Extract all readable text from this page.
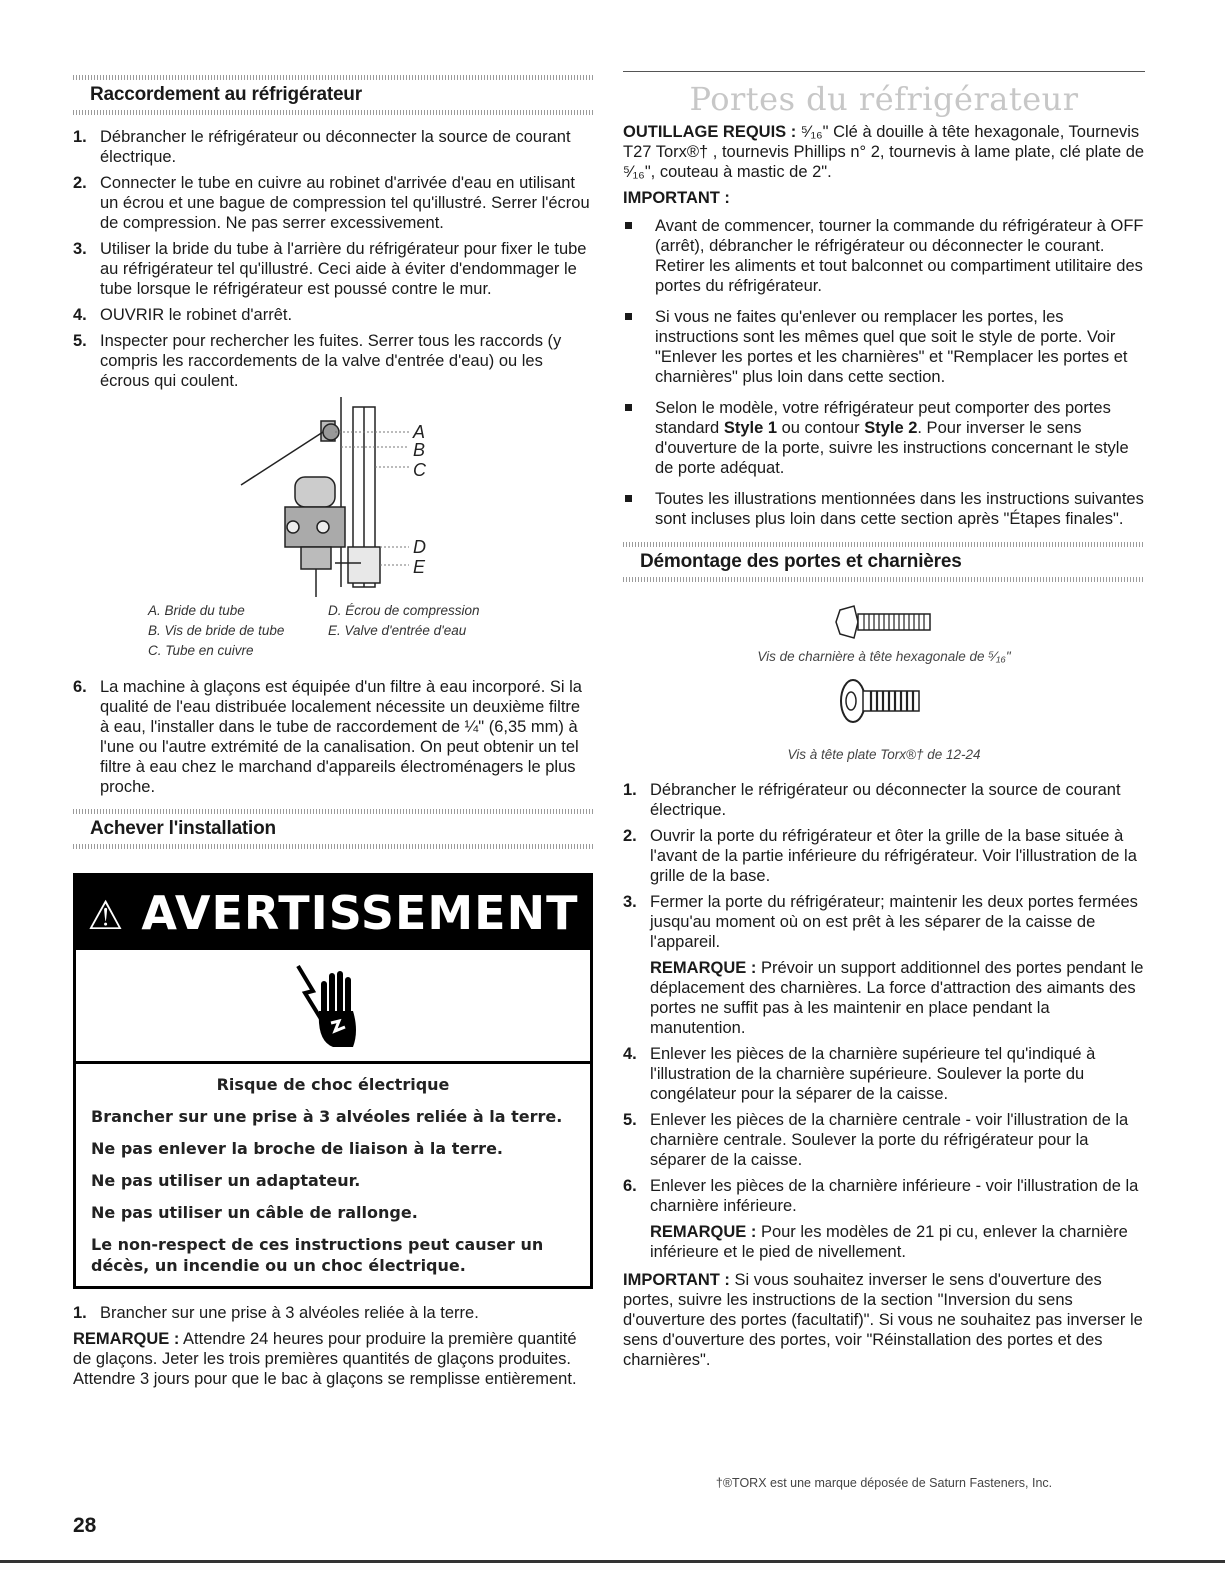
Raccordement au réfrigérateur
1. Débrancher le réfrigérateur ou déconnecter la source de courant électrique.
2. Connecter le tube en cuivre au robinet d'arrivée d'eau en utilisant un écrou et une bague de compression tel qu'illustré. Serrer l'écrou de compression. Ne pas serrer excessivement.
3. Utiliser la bride du tube à l'arrière du réfrigérateur pour fixer le tube au réfrigérateur tel qu'illustré. Ceci aide à éviter d'endommager le tube lorsque le réfrigérateur est poussé contre le mur.
4. OUVRIR le robinet d'arrêt.
5. Inspecter pour rechercher les fuites. Serrer tous les raccords (y compris les raccordements de la valve d'entrée d'eau) ou les écrous qui coulent.
A
B
C
D
E
A. Bride du tube
B. Vis de bride de tube
C. Tube en cuivre
D. Écrou de compression
E. Valve d'entrée d'eau
6. La machine à glaçons est équipée d'un filtre à eau incorporé. Si la qualité de l'eau distribuée localement nécessite un deuxième filtre à eau, l'installer dans le tube de raccordement de ¼" (6,35 mm) à l'une ou l'autre extrémité de la canalisation. On peut obtenir un tel filtre à eau chez le marchand d'appareils électroménagers le plus proche.
Achever l'installation
⚠ AVERTISSEMENT

Risque de choc électrique

Brancher sur une prise à 3 alvéoles reliée à la terre.

Ne pas enlever la broche de liaison à la terre.

Ne pas utiliser un adaptateur.

Ne pas utiliser un câble de rallonge.

Le non-respect de ces instructions peut causer un décès, un incendie ou un choc électrique.

1. Brancher sur une prise à 3 alvéoles reliée à la terre.

REMARQUE : Attendre 24 heures pour produire la première quantité de glaçons. Jeter les trois premières quantités de glaçons produites. Attendre 3 jours pour que le bac à glaçons se remplisse entièrement.

Portes du réfrigérateur

OUTILLAGE REQUIS : ⁵⁄₁₆" Clé à douille à tête hexagonale, Tournevis T27 Torx®† , tournevis Phillips n° 2, tournevis à lame plate, clé plate de ⁵⁄₁₆", couteau à mastic de 2".

IMPORTANT :

Avant de commencer, tourner la commande du réfrigérateur à OFF (arrêt), débrancher le réfrigérateur ou déconnecter le courant. Retirer les aliments et tout balconnet ou compartiment utilitaire des portes du réfrigérateur.
Si vous ne faites qu'enlever ou remplacer les portes, les instructions sont les mêmes quel que soit le style de porte. Voir "Enlever les portes et les charnières" et "Remplacer les portes et charnières" plus loin dans cette section.
Selon le modèle, votre réfrigérateur peut comporter des portes standard Style 1 ou contour Style 2. Pour inverser le sens d'ouverture de la porte, suivre les instructions concernant le style de porte adéquat.
Toutes les illustrations mentionnées dans les instructions suivantes sont incluses plus loin dans cette section après "Étapes finales".
Démontage des portes et charnières
Vis de charnière à tête hexagonale de ⁵⁄₁₆"
Vis à tête plate Torx®† de 12-24
1. Débrancher le réfrigérateur ou déconnecter la source de courant électrique.
2. Ouvrir la porte du réfrigérateur et ôter la grille de la base située à l'avant de la partie inférieure du réfrigérateur. Voir l'illustration de la grille de la base.
3. Fermer la porte du réfrigérateur; maintenir les deux portes fermées jusqu'au moment où on est prêt à les séparer de la caisse de l'appareil.
REMARQUE : Prévoir un support additionnel des portes pendant le déplacement des charnières. La force d'attraction des aimants des portes ne suffit pas à les maintenir en place pendant la manutention.
4. Enlever les pièces de la charnière supérieure tel qu'indiqué à l'illustration de la charnière supérieure. Soulever la porte du congélateur pour la séparer de la caisse.
5. Enlever les pièces de la charnière centrale - voir l'illustration de la charnière centrale. Soulever la porte du réfrigérateur pour la séparer de la caisse.
6. Enlever les pièces de la charnière inférieure - voir l'illustration de la charnière inférieure.
REMARQUE : Pour les modèles de 21 pi cu, enlever la charnière inférieure et le pied de nivellement.

IMPORTANT : Si vous souhaitez inverser le sens d'ouverture des portes, suivre les instructions de la section "Inversion du sens d'ouverture des portes (facultatif)". Si vous ne souhaitez pas inverser le sens d'ouverture des portes, voir "Réinstallation des portes et des charnières".

†®TORX est une marque déposée de Saturn Fasteners, Inc.
28
